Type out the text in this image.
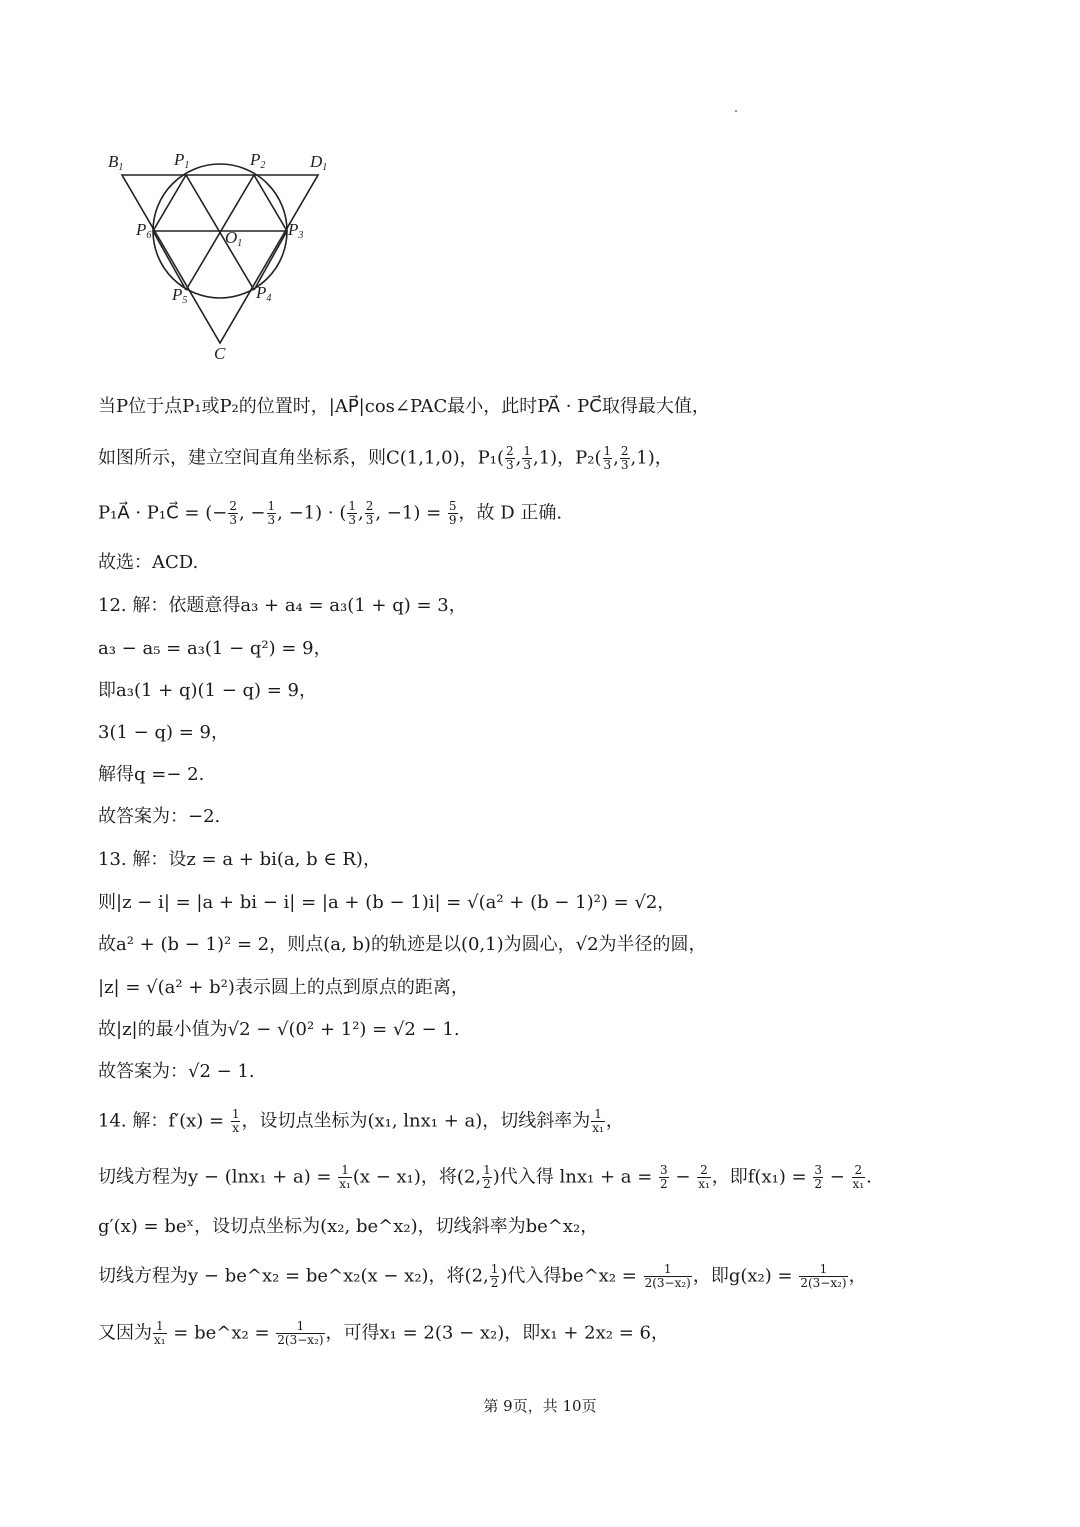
B1	P1	P2	D1
P6	O1
P3
P5	P4
C
当P位于点P₁或P₂的位置时，|AP⃗|cos∠PAC最小，此时PA⃗ · PC⃗取得最大值，
如图所示，建立空间直角坐标系，则C(1,1,0)，$P_1( \frac{2}{3}$ , $\frac{1}{3} ,1$)，$P_2( \frac{1}{3}$ , $\frac{2}{3} ,1$)，
P₁A⃗ · P₁C⃗ = (− $\frac{2}{3}$ , − $\frac{1}{3}$ , −1) · ( $\frac{1}{3}$ , $\frac{2}{3}$ , $-1) = \frac{5}{9}$ ，故 D 正确.
故选：ACD.
12. 解：依题意得a₃ + a₄ = a₃(1 + q) = 3，
a₃ − a₅ = a₃(1 − q²) = 9，
即a₃(1 + q)(1 − q) = 9，
3(1 − q) = 9，
解得q =− 2.
故答案为：−2.
13. 解：设z = a + bi(a, b ∈ R)，
则|z − i| = |a + bi − i| = |a + (b − 1)i| = √(a² + (b − 1)²) = √2，
故a² + (b − 1)² = 2，则点(a, b)的轨迹是以(0,1)为圆心，√2为半径的圆，
|z| = √(a² + b²)表示圆上的点到原点的距离，
故|z|的最小值为√2 − √(0² + 1²) = √2 − 1.
故答案为：√2 − 1.
14. 解：$f'(x) = \frac{1}{x}$ ，设切点坐标为(x₁, lnx₁ + a)，切线斜率为 $\frac{1}{\text{x₁}}$ ，
切线方程为$y - (\ln x_1 + a) = \frac{1}{\text{x₁}} (x - x_1)$，将(2, $\frac{1}{2}$ )代入得 $\ln x_1 + a = \frac{3}{2} - \frac{2}{\text{x₁}}$ ，即$f(x_1) = \frac{3}{2} - \frac{2}{\text{x₁}}$ .
g′(x) = beˣ，设切点坐标为(x₂, be^x₂)，切线斜率为be^x₂，
切线方程为y − be^x₂ = be^x₂(x − x₂)，将(2, $\frac{1}{2}$ )代入得be^x₂ = $\frac{1}{\text{2(3−x₂)}}$ ，即$g(x_2) = \frac{1}{\text{2(3−x₂)}}$ ，
又因为 $\frac{1}{\text{x₁}}$ = be^x₂ = $\frac{1}{\text{2(3−x₂)}}$ ，可得x₁ = 2(3 − x₂)，即x₁ + 2x₂ = 6，
第 9页，共 10页
